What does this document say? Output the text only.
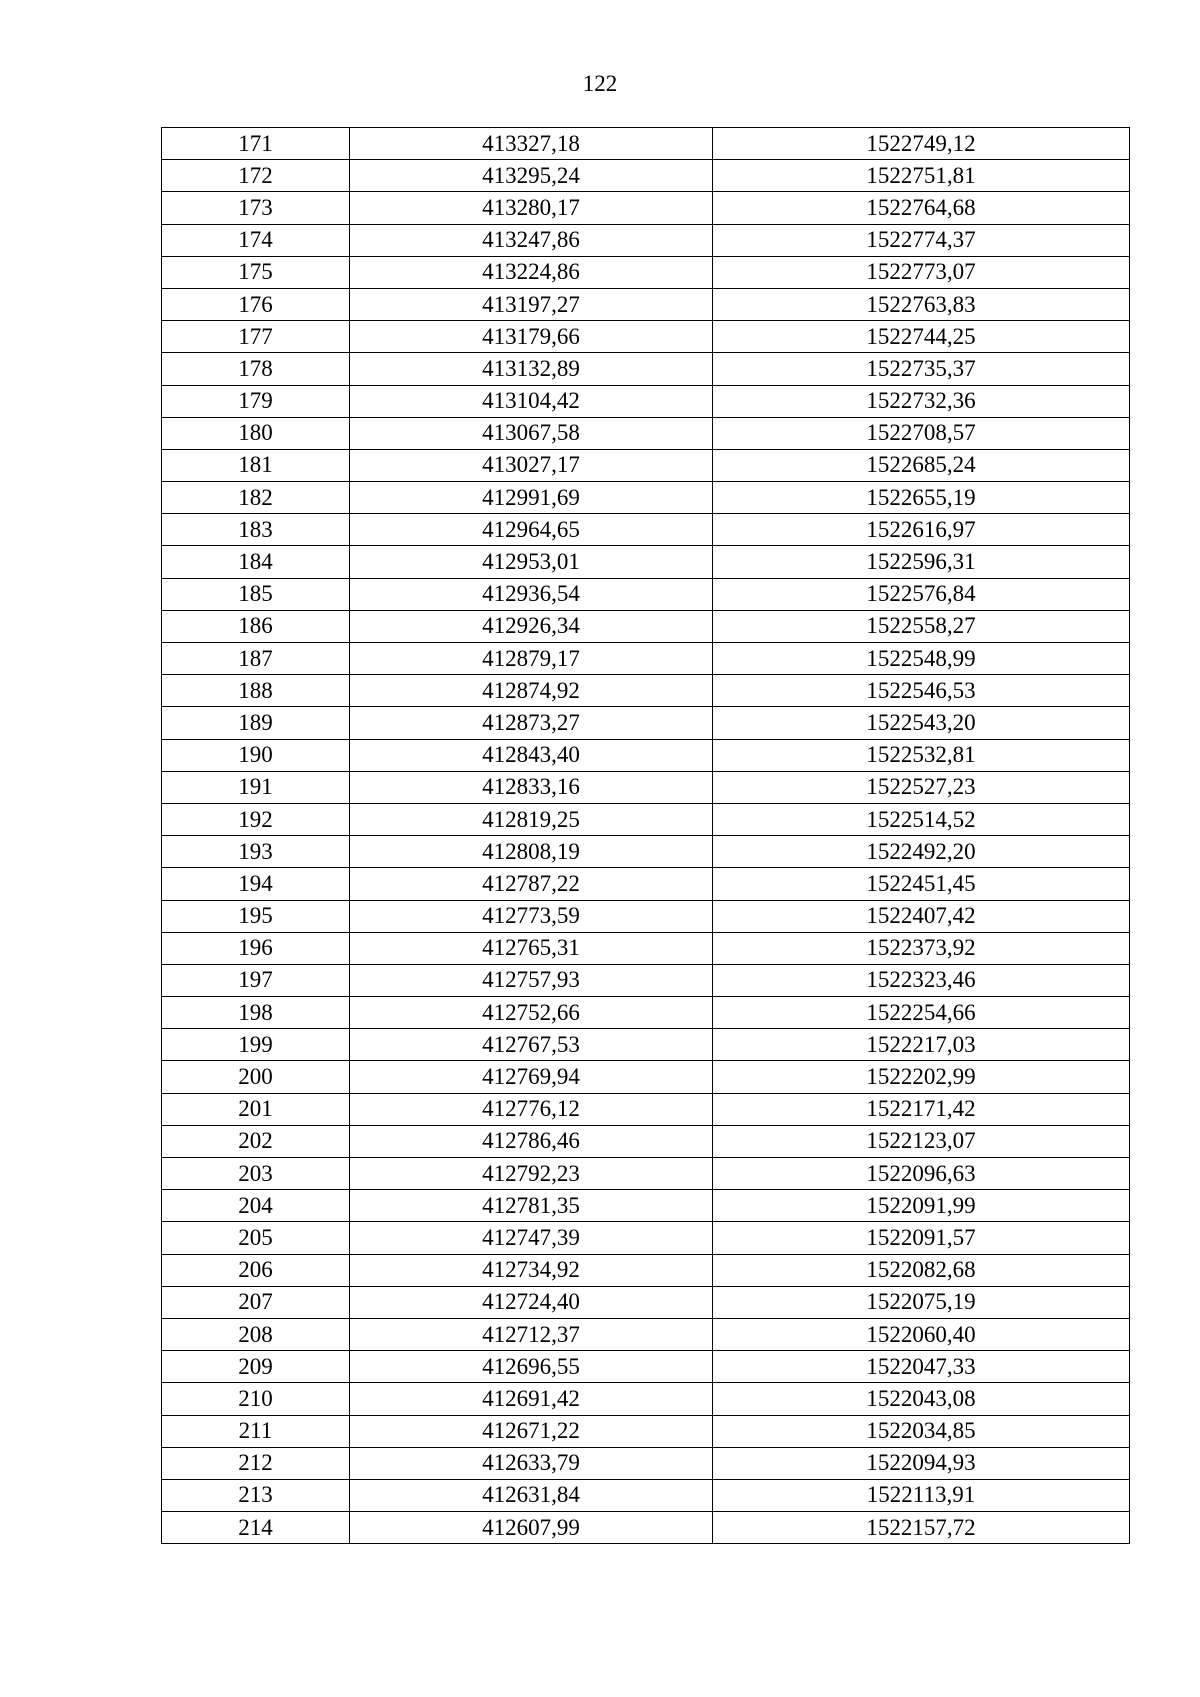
122
171	413327,18	1522749,12
172	413295,24	1522751,81
173	413280,17	1522764,68
174	413247,86	1522774,37
175	413224,86	1522773,07
176	413197,27	1522763,83
177	413179,66	1522744,25
178	413132,89	1522735,37
179	413104,42	1522732,36
180	413067,58	1522708,57
181	413027,17	1522685,24
182	412991,69	1522655,19
183	412964,65	1522616,97
184	412953,01	1522596,31
185	412936,54	1522576,84
186	412926,34	1522558,27
187	412879,17	1522548,99
188	412874,92	1522546,53
189	412873,27	1522543,20
190	412843,40	1522532,81
191	412833,16	1522527,23
192	412819,25	1522514,52
193	412808,19	1522492,20
194	412787,22	1522451,45
195	412773,59	1522407,42
196	412765,31	1522373,92
197	412757,93	1522323,46
198	412752,66	1522254,66
199	412767,53	1522217,03
200	412769,94	1522202,99
201	412776,12	1522171,42
202	412786,46	1522123,07
203	412792,23	1522096,63
204	412781,35	1522091,99
205	412747,39	1522091,57
206	412734,92	1522082,68
207	412724,40	1522075,19
208	412712,37	1522060,40
209	412696,55	1522047,33
210	412691,42	1522043,08
211	412671,22	1522034,85
212	412633,79	1522094,93
213	412631,84	1522113,91
214	412607,99	1522157,72
